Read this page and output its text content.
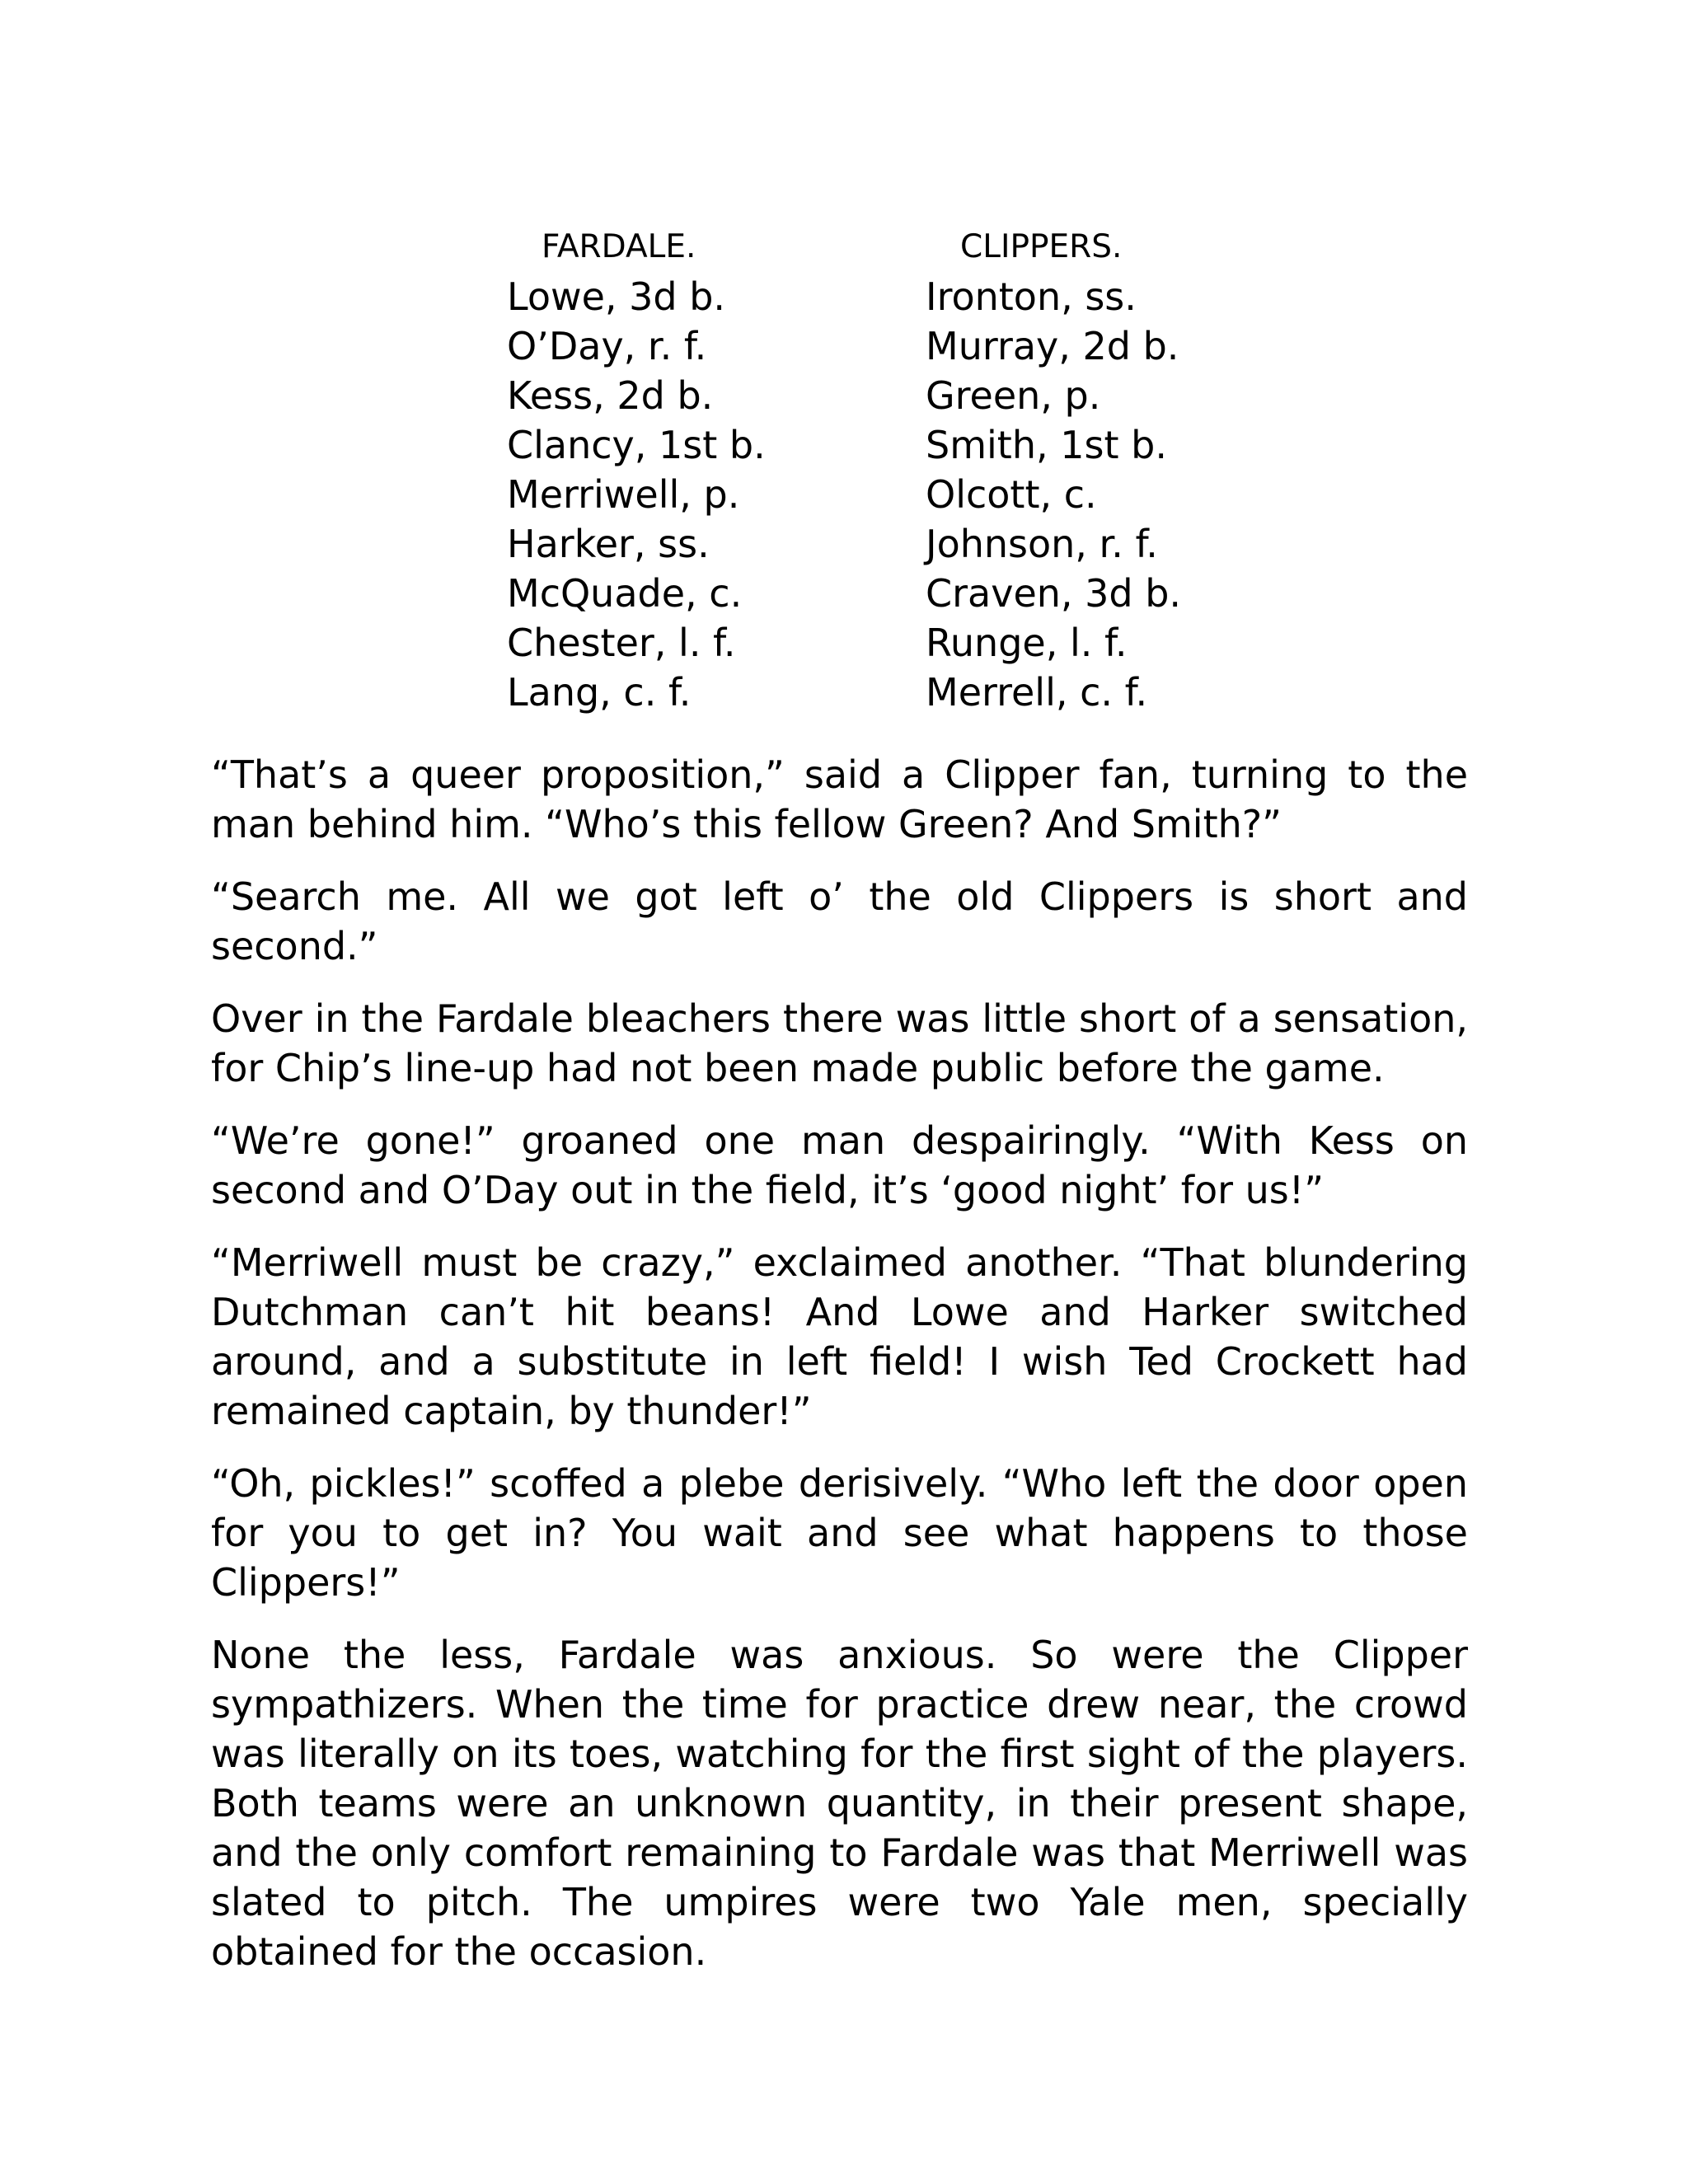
FARDALE.
Lowe, 3d b.
O’Day, r. f.
Kess, 2d b.
Clancy, 1st b.
Merriwell, p.
Harker, ss.
McQuade, c.
Chester, l. f.
Lang, c. f.
CLIPPERS.
Ironton, ss.
Murray, 2d b.
Green, p.
Smith, 1st b.
Olcott, c.
Johnson, r. f.
Craven, 3d b.
Runge, l. f.
Merrell, c. f.

“That’s a queer proposition,” said a Clipper fan, turning to the man behind him. “Who’s this fellow Green? And Smith?”

“Search me. All we got left o’ the old Clippers is short and second.”

Over in the Fardale bleachers there was little short of a sensation, for Chip’s line-up had not been made public before the game.

“We’re gone!” groaned one man despairingly. “With Kess on second and O’Day out in the field, it’s ‘good night’ for us!”

“Merriwell must be crazy,” exclaimed another. “That blundering Dutchman can’t hit beans! And Lowe and Harker switched around, and a substitute in left field! I wish Ted Crockett had remained captain, by thunder!”

“Oh, pickles!” scoffed a plebe derisively. “Who left the door open for you to get in? You wait and see what happens to those Clippers!”

None the less, Fardale was anxious. So were the Clipper sympathizers. When the time for practice drew near, the crowd was literally on its toes, watching for the first sight of the players. Both teams were an unknown quantity, in their present shape, and the only comfort remaining to Fardale was that Merriwell was slated to pitch. The umpires were two Yale men, specially obtained for the occasion.
